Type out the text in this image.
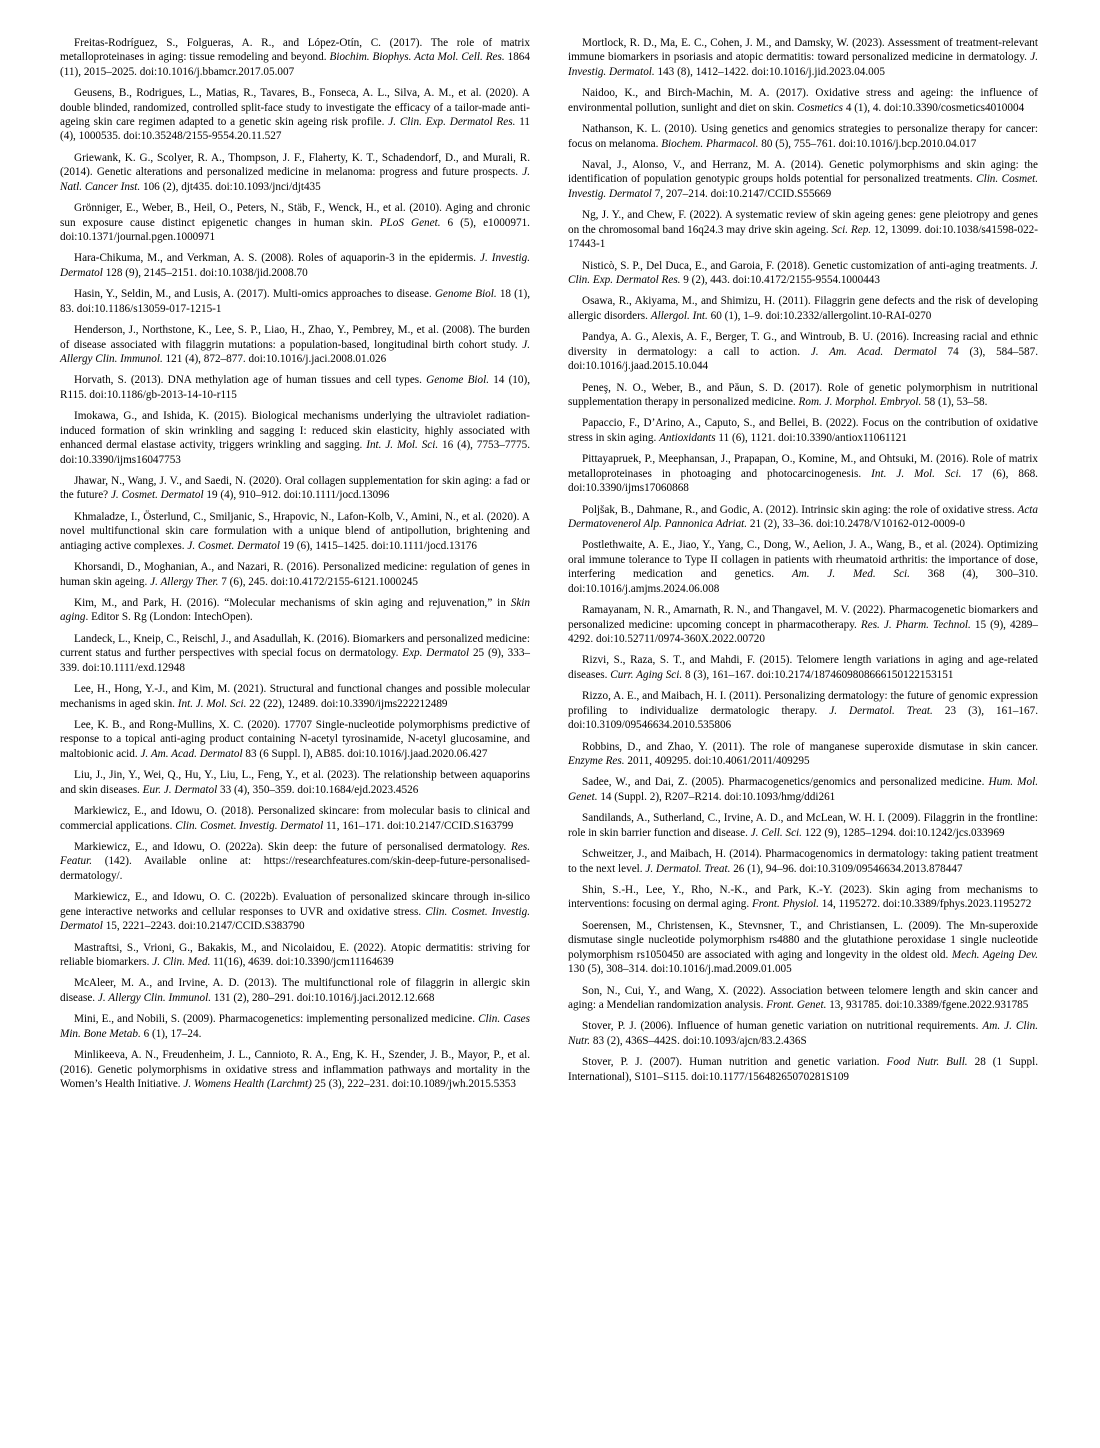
Freitas-Rodríguez, S., Folgueras, A. R., and López-Otín, C. (2017). The role of matrix metalloproteinases in aging: tissue remodeling and beyond. Biochim. Biophys. Acta Mol. Cell. Res. 1864 (11), 2015–2025. doi:10.1016/j.bbamcr.2017.05.007

Geusens, B., Rodrigues, L., Matias, R., Tavares, B., Fonseca, A. L., Silva, A. M., et al. (2020). A double blinded, randomized, controlled split-face study to investigate the efficacy of a tailor-made anti-ageing skin care regimen adapted to a genetic skin ageing risk profile. J. Clin. Exp. Dermatol Res. 11 (4), 1000535. doi:10.35248/2155-9554.20.11.527

Griewank, K. G., Scolyer, R. A., Thompson, J. F., Flaherty, K. T., Schadendorf, D., and Murali, R. (2014). Genetic alterations and personalized medicine in melanoma: progress and future prospects. J. Natl. Cancer Inst. 106 (2), djt435. doi:10.1093/jnci/djt435

Grönniger, E., Weber, B., Heil, O., Peters, N., Stäb, F., Wenck, H., et al. (2010). Aging and chronic sun exposure cause distinct epigenetic changes in human skin. PLoS Genet. 6 (5), e1000971. doi:10.1371/journal.pgen.1000971

Hara-Chikuma, M., and Verkman, A. S. (2008). Roles of aquaporin-3 in the epidermis. J. Investig. Dermatol 128 (9), 2145–2151. doi:10.1038/jid.2008.70

Hasin, Y., Seldin, M., and Lusis, A. (2017). Multi-omics approaches to disease. Genome Biol. 18 (1), 83. doi:10.1186/s13059-017-1215-1

Henderson, J., Northstone, K., Lee, S. P., Liao, H., Zhao, Y., Pembrey, M., et al. (2008). The burden of disease associated with filaggrin mutations: a population-based, longitudinal birth cohort study. J. Allergy Clin. Immunol. 121 (4), 872–877. doi:10.1016/j.jaci.2008.01.026

Horvath, S. (2013). DNA methylation age of human tissues and cell types. Genome Biol. 14 (10), R115. doi:10.1186/gb-2013-14-10-r115

Imokawa, G., and Ishida, K. (2015). Biological mechanisms underlying the ultraviolet radiation-induced formation of skin wrinkling and sagging I: reduced skin elasticity, highly associated with enhanced dermal elastase activity, triggers wrinkling and sagging. Int. J. Mol. Sci. 16 (4), 7753–7775. doi:10.3390/ijms16047753

Jhawar, N., Wang, J. V., and Saedi, N. (2020). Oral collagen supplementation for skin aging: a fad or the future? J. Cosmet. Dermatol 19 (4), 910–912. doi:10.1111/jocd.13096

Khmaladze, I., Österlund, C., Smiljanic, S., Hrapovic, N., Lafon-Kolb, V., Amini, N., et al. (2020). A novel multifunctional skin care formulation with a unique blend of antipollution, brightening and antiaging active complexes. J. Cosmet. Dermatol 19 (6), 1415–1425. doi:10.1111/jocd.13176

Khorsandi, D., Moghanian, A., and Nazari, R. (2016). Personalized medicine: regulation of genes in human skin ageing. J. Allergy Ther. 7 (6), 245. doi:10.4172/2155-6121.1000245

Kim, M., and Park, H. (2016). “Molecular mechanisms of skin aging and rejuvenation,” in Skin aging. Editor S. Rg (London: IntechOpen).

Landeck, L., Kneip, C., Reischl, J., and Asadullah, K. (2016). Biomarkers and personalized medicine: current status and further perspectives with special focus on dermatology. Exp. Dermatol 25 (9), 333–339. doi:10.1111/exd.12948

Lee, H., Hong, Y.-J., and Kim, M. (2021). Structural and functional changes and possible molecular mechanisms in aged skin. Int. J. Mol. Sci. 22 (22), 12489. doi:10.3390/ijms222212489

Lee, K. B., and Rong-Mullins, X. C. (2020). 17707 Single-nucleotide polymorphisms predictive of response to a topical anti-aging product containing N-acetyl tyrosinamide, N-acetyl glucosamine, and maltobionic acid. J. Am. Acad. Dermatol 83 (6 Suppl. l), AB85. doi:10.1016/j.jaad.2020.06.427

Liu, J., Jin, Y., Wei, Q., Hu, Y., Liu, L., Feng, Y., et al. (2023). The relationship between aquaporins and skin diseases. Eur. J. Dermatol 33 (4), 350–359. doi:10.1684/ejd.2023.4526

Markiewicz, E., and Idowu, O. (2018). Personalized skincare: from molecular basis to clinical and commercial applications. Clin. Cosmet. Investig. Dermatol 11, 161–171. doi:10.2147/CCID.S163799

Markiewicz, E., and Idowu, O. (2022a). Skin deep: the future of personalised dermatology. Res. Featur. (142). Available online at: https://researchfeatures.com/skin-deep-future-personalised-dermatology/.

Markiewicz, E., and Idowu, O. C. (2022b). Evaluation of personalized skincare through in-silico gene interactive networks and cellular responses to UVR and oxidative stress. Clin. Cosmet. Investig. Dermatol 15, 2221–2243. doi:10.2147/CCID.S383790

Mastraftsi, S., Vrioni, G., Bakakis, M., and Nicolaidou, E. (2022). Atopic dermatitis: striving for reliable biomarkers. J. Clin. Med. 11(16), 4639. doi:10.3390/jcm11164639

McAleer, M. A., and Irvine, A. D. (2013). The multifunctional role of filaggrin in allergic skin disease. J. Allergy Clin. Immunol. 131 (2), 280–291. doi:10.1016/j.jaci.2012.12.668

Mini, E., and Nobili, S. (2009). Pharmacogenetics: implementing personalized medicine. Clin. Cases Min. Bone Metab. 6 (1), 17–24.

Minlikeeva, A. N., Freudenheim, J. L., Cannioto, R. A., Eng, K. H., Szender, J. B., Mayor, P., et al. (2016). Genetic polymorphisms in oxidative stress and inflammation pathways and mortality in the Women’s Health Initiative. J. Womens Health (Larchmt) 25 (3), 222–231. doi:10.1089/jwh.2015.5353

Mortlock, R. D., Ma, E. C., Cohen, J. M., and Damsky, W. (2023). Assessment of treatment-relevant immune biomarkers in psoriasis and atopic dermatitis: toward personalized medicine in dermatology. J. Investig. Dermatol. 143 (8), 1412–1422. doi:10.1016/j.jid.2023.04.005

Naidoo, K., and Birch-Machin, M. A. (2017). Oxidative stress and ageing: the influence of environmental pollution, sunlight and diet on skin. Cosmetics 4 (1), 4. doi:10.3390/cosmetics4010004

Nathanson, K. L. (2010). Using genetics and genomics strategies to personalize therapy for cancer: focus on melanoma. Biochem. Pharmacol. 80 (5), 755–761. doi:10.1016/j.bcp.2010.04.017

Naval, J., Alonso, V., and Herranz, M. A. (2014). Genetic polymorphisms and skin aging: the identification of population genotypic groups holds potential for personalized treatments. Clin. Cosmet. Investig. Dermatol 7, 207–214. doi:10.2147/CCID.S55669

Ng, J. Y., and Chew, F. (2022). A systematic review of skin ageing genes: gene pleiotropy and genes on the chromosomal band 16q24.3 may drive skin ageing. Sci. Rep. 12, 13099. doi:10.1038/s41598-022-17443-1

Nisticò, S. P., Del Duca, E., and Garoia, F. (2018). Genetic customization of anti-aging treatments. J. Clin. Exp. Dermatol Res. 9 (2), 443. doi:10.4172/2155-9554.1000443

Osawa, R., Akiyama, M., and Shimizu, H. (2011). Filaggrin gene defects and the risk of developing allergic disorders. Allergol. Int. 60 (1), 1–9. doi:10.2332/allergolint.10-RAI-0270

Pandya, A. G., Alexis, A. F., Berger, T. G., and Wintroub, B. U. (2016). Increasing racial and ethnic diversity in dermatology: a call to action. J. Am. Acad. Dermatol 74 (3), 584–587. doi:10.1016/j.jaad.2015.10.044

Peneş, N. O., Weber, B., and Păun, S. D. (2017). Role of genetic polymorphism in nutritional supplementation therapy in personalized medicine. Rom. J. Morphol. Embryol. 58 (1), 53–58.

Papaccio, F., D’Arino, A., Caputo, S., and Bellei, B. (2022). Focus on the contribution of oxidative stress in skin aging. Antioxidants 11 (6), 1121. doi:10.3390/antiox11061121

Pittayapruek, P., Meephansan, J., Prapapan, O., Komine, M., and Ohtsuki, M. (2016). Role of matrix metalloproteinases in photoaging and photocarcinogenesis. Int. J. Mol. Sci. 17 (6), 868. doi:10.3390/ijms17060868

Poljšak, B., Dahmane, R., and Godic, A. (2012). Intrinsic skin aging: the role of oxidative stress. Acta Dermatovenerol Alp. Pannonica Adriat. 21 (2), 33–36. doi:10.2478/V10162-012-0009-0

Postlethwaite, A. E., Jiao, Y., Yang, C., Dong, W., Aelion, J. A., Wang, B., et al. (2024). Optimizing oral immune tolerance to Type II collagen in patients with rheumatoid arthritis: the importance of dose, interfering medication and genetics. Am. J. Med. Sci. 368 (4), 300–310. doi:10.1016/j.amjms.2024.06.008

Ramayanam, N. R., Amarnath, R. N., and Thangavel, M. V. (2022). Pharmacogenetic biomarkers and personalized medicine: upcoming concept in pharmacotherapy. Res. J. Pharm. Technol. 15 (9), 4289–4292. doi:10.52711/0974-360X.2022.00720

Rizvi, S., Raza, S. T., and Mahdi, F. (2015). Telomere length variations in aging and age-related diseases. Curr. Aging Sci. 8 (3), 161–167. doi:10.2174/1874609808666150122153151

Rizzo, A. E., and Maibach, H. I. (2011). Personalizing dermatology: the future of genomic expression profiling to individualize dermatologic therapy. J. Dermatol. Treat. 23 (3), 161–167. doi:10.3109/09546634.2010.535806

Robbins, D., and Zhao, Y. (2011). The role of manganese superoxide dismutase in skin cancer. Enzyme Res. 2011, 409295. doi:10.4061/2011/409295

Sadee, W., and Dai, Z. (2005). Pharmacogenetics/genomics and personalized medicine. Hum. Mol. Genet. 14 (Suppl. 2), R207–R214. doi:10.1093/hmg/ddi261

Sandilands, A., Sutherland, C., Irvine, A. D., and McLean, W. H. I. (2009). Filaggrin in the frontline: role in skin barrier function and disease. J. Cell. Sci. 122 (9), 1285–1294. doi:10.1242/jcs.033969

Schweitzer, J., and Maibach, H. (2014). Pharmacogenomics in dermatology: taking patient treatment to the next level. J. Dermatol. Treat. 26 (1), 94–96. doi:10.3109/09546634.2013.878447

Shin, S.-H., Lee, Y., Rho, N.-K., and Park, K.-Y. (2023). Skin aging from mechanisms to interventions: focusing on dermal aging. Front. Physiol. 14, 1195272. doi:10.3389/fphys.2023.1195272

Soerensen, M., Christensen, K., Stevnsner, T., and Christiansen, L. (2009). The Mn-superoxide dismutase single nucleotide polymorphism rs4880 and the glutathione peroxidase 1 single nucleotide polymorphism rs1050450 are associated with aging and longevity in the oldest old. Mech. Ageing Dev. 130 (5), 308–314. doi:10.1016/j.mad.2009.01.005

Son, N., Cui, Y., and Wang, X. (2022). Association between telomere length and skin cancer and aging: a Mendelian randomization analysis. Front. Genet. 13, 931785. doi:10.3389/fgene.2022.931785

Stover, P. J. (2006). Influence of human genetic variation on nutritional requirements. Am. J. Clin. Nutr. 83 (2), 436S–442S. doi:10.1093/ajcn/83.2.436S

Stover, P. J. (2007). Human nutrition and genetic variation. Food Nutr. Bull. 28 (1 Suppl. International), S101–S115. doi:10.1177/15648265070281S109
